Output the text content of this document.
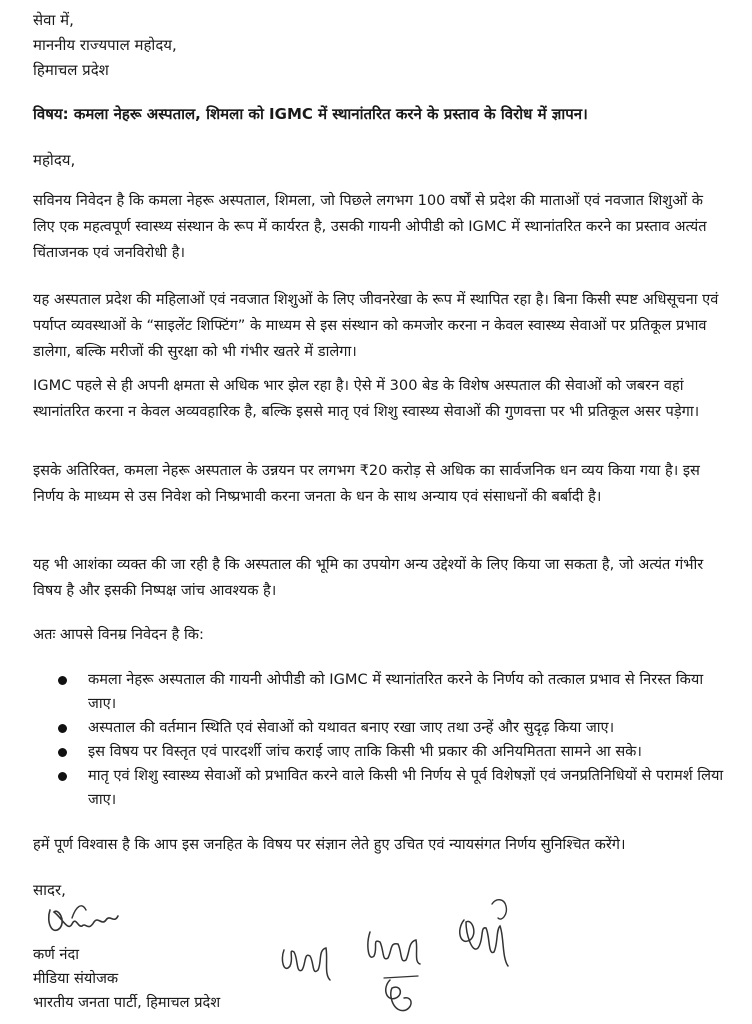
सेवा में,
माननीय राज्यपाल महोदय,
हिमाचल प्रदेश
विषय: कमला नेहरू अस्पताल, शिमला को IGMC में स्थानांतरित करने के प्रस्ताव के विरोध में ज्ञापन।
महोदय,
सविनय निवेदन है कि कमला नेहरू अस्पताल, शिमला, जो पिछले लगभग 100 वर्षों से प्रदेश की माताओं एवं नवजात शिशुओं के लिए एक महत्वपूर्ण स्वास्थ्य संस्थान के रूप में कार्यरत है, उसकी गायनी ओपीडी को IGMC में स्थानांतरित करने का प्रस्ताव अत्यंत चिंताजनक एवं जनविरोधी है।
यह अस्पताल प्रदेश की महिलाओं एवं नवजात शिशुओं के लिए जीवनरेखा के रूप में स्थापित रहा है। बिना किसी स्पष्ट अधिसूचना एवं पर्याप्त व्यवस्थाओं के “साइलेंट शिफ्टिंग” के माध्यम से इस संस्थान को कमजोर करना न केवल स्वास्थ्य सेवाओं पर प्रतिकूल प्रभाव डालेगा, बल्कि मरीजों की सुरक्षा को भी गंभीर खतरे में डालेगा।
IGMC पहले से ही अपनी क्षमता से अधिक भार झेल रहा है। ऐसे में 300 बेड के विशेष अस्पताल की सेवाओं को जबरन वहां स्थानांतरित करना न केवल अव्यवहारिक है, बल्कि इससे मातृ एवं शिशु स्वास्थ्य सेवाओं की गुणवत्ता पर भी प्रतिकूल असर पड़ेगा।
इसके अतिरिक्त, कमला नेहरू अस्पताल के उन्नयन पर लगभग ₹20 करोड़ से अधिक का सार्वजनिक धन व्यय किया गया है। इस निर्णय के माध्यम से उस निवेश को निष्प्रभावी करना जनता के धन के साथ अन्याय एवं संसाधनों की बर्बादी है।
यह भी आशंका व्यक्त की जा रही है कि अस्पताल की भूमि का उपयोग अन्य उद्देश्यों के लिए किया जा सकता है, जो अत्यंत गंभीर विषय है और इसकी निष्पक्ष जांच आवश्यक है।
अतः आपसे विनम्र निवेदन है कि:
कमला नेहरू अस्पताल की गायनी ओपीडी को IGMC में स्थानांतरित करने के निर्णय को तत्काल प्रभाव से निरस्त किया जाए।
अस्पताल की वर्तमान स्थिति एवं सेवाओं को यथावत बनाए रखा जाए तथा उन्हें और सुदृढ़ किया जाए।
इस विषय पर विस्तृत एवं पारदर्शी जांच कराई जाए ताकि किसी भी प्रकार की अनियमितता सामने आ सके।
मातृ एवं शिशु स्वास्थ्य सेवाओं को प्रभावित करने वाले किसी भी निर्णय से पूर्व विशेषज्ञों एवं जनप्रतिनिधियों से परामर्श लिया जाए।
हमें पूर्ण विश्वास है कि आप इस जनहित के विषय पर संज्ञान लेते हुए उचित एवं न्यायसंगत निर्णय सुनिश्चित करेंगे।
सादर,
कर्ण नंदा
मीडिया संयोजक
भारतीय जनता पार्टी, हिमाचल प्रदेश
